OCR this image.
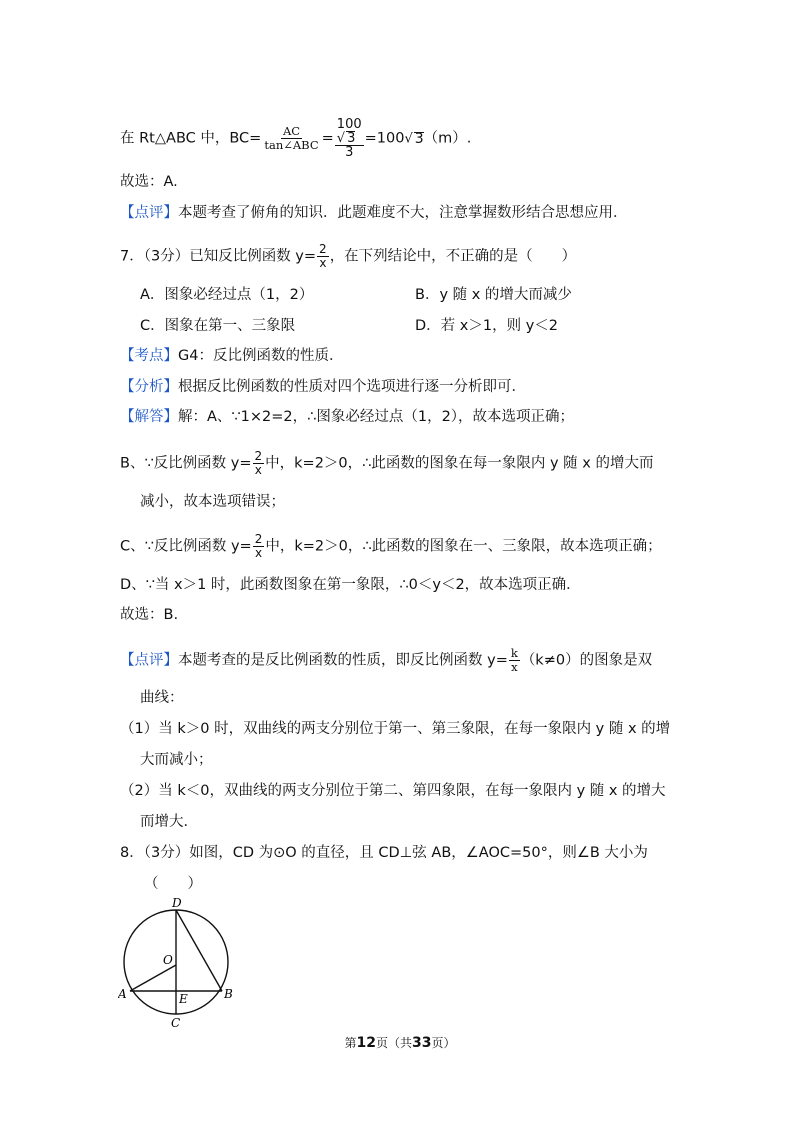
在 Rt△ABC 中，$BC= \frac{AC}{\text{tan∠ABC}}$ =
100
√ 3
3
=100√ 3（m）.
故选：A.
【点评】本题考查了俯角的知识．此题难度不大，注意掌握数形结合思想应用．
7．（3分）已知反比例函数 $y= \frac{2}{x}$ ，在下列结论中，不正确的是（　　）
A．图象必经过点（1，2）	B．y 随 x 的增大而减少
C．图象在第一、三象限	D．若 x＞1，则 y＜2
【考点】G4：反比例函数的性质．
【分析】根据反比例函数的性质对四个选项进行逐一分析即可．
【解答】解：A、∵1×2=2，∴图象必经过点（1，2），故本选项正确；
B、∵反比例函数 $y= \frac{2}{x}$ 中，k=2＞0，∴此函数的图象在每一象限内 y 随 x 的增大而
减小，故本选项错误；
C、∵反比例函数 $y= \frac{2}{x}$ 中，k=2＞0，∴此函数的图象在一、三象限，故本选项正确；
D、∵当 x＞1 时，此函数图象在第一象限，∴0＜y＜2，故本选项正确．
故选：B.
【点评】本题考查的是反比例函数的性质，即反比例函数 $y= \frac{k}{x} (k\ne 0)$的图象是双
曲线：
（1）当 k＞0 时，双曲线的两支分别位于第一、第三象限，在每一象限内 y 随 x 的增
大而减小；
（2）当 k＜0，双曲线的两支分别位于第二、第四象限，在每一象限内 y 随 x 的增大
而增大．
8．（3分）如图，CD 为⊙O 的直径，且 CD⊥弦 AB，∠AOC=50°，则∠B 大小为
（　　）
D
O
A	E	B
C
第12页（共33页）
